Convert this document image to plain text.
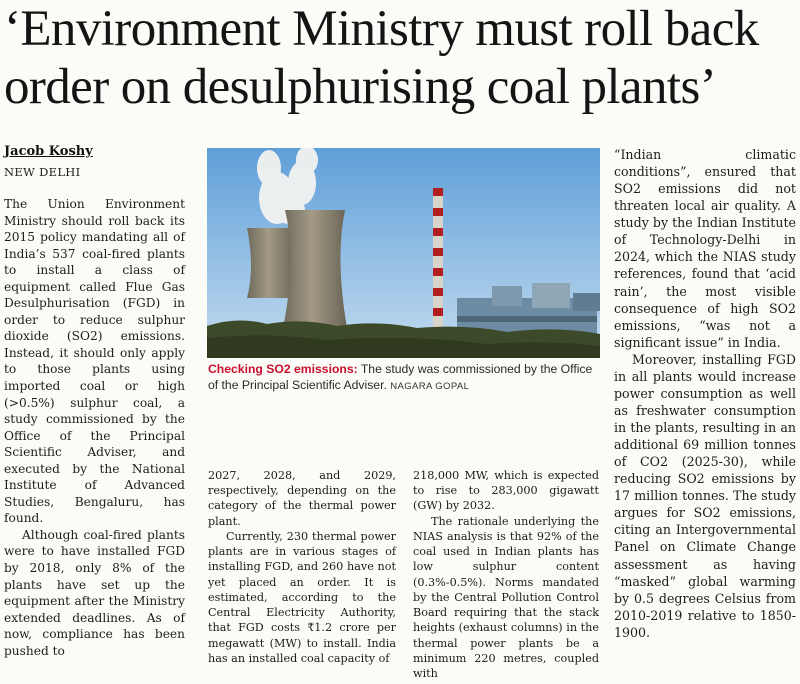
‘Environment Ministry must roll back
order on desulphurising coal plants’
Jacob Koshy
NEW DELHI

The Union Environment Ministry should roll back its 2015 policy mandating all of India’s 537 coal-fired plants to install a class of equipment called Flue Gas Desulphurisation (FGD) in order to reduce sulphur dioxide (SO2) emissions. Instead, it should only apply to those plants using imported coal or high (>0.5%) sulphur coal, a study commissioned by the Office of the Principal Scientific Adviser, and executed by the National Institute of Advanced Studies, Bengaluru, has found.

Although coal-fired plants were to have installed FGD by 2018, only 8% of the plants have set up the equipment after the Ministry extended deadlines. As of now, compliance has been pushed to

Checking SO2 emissions: The study was commissioned by the Office of the Principal Scientific Adviser. NAGARA GOPAL

2027, 2028, and 2029, respectively, depending on the category of the thermal power plant.

Currently, 230 thermal power plants are in various stages of installing FGD, and 260 have not yet placed an order. It is estimated, according to the Central Electricity Authority, that FGD costs ₹1.2 crore per megawatt (MW) to install. India has an installed coal capacity of

218,000 MW, which is expected to rise to 283,000 gigawatt (GW) by 2032.

The rationale underlying the NIAS analysis is that 92% of the coal used in Indian plants has low sulphur content (0.3%-0.5%). Norms mandated by the Central Pollution Control Board requiring that the stack heights (exhaust columns) in the thermal power plants be a minimum 220 metres, coupled with

“Indian climatic conditions”, ensured that SO2 emissions did not threaten local air quality. A study by the Indian Institute of Technology-Delhi in 2024, which the NIAS study references, found that ‘acid rain’, the most visible consequence of high SO2 emissions, “was not a significant issue” in India.

Moreover, installing FGD in all plants would increase power consumption as well as freshwater consumption in the plants, resulting in an additional 69 million tonnes of CO2 (2025-30), while reducing SO2 emissions by 17 million tonnes. The study argues for SO2 emissions, citing an Intergovernmental Panel on Climate Change assessment as having “masked” global warming by 0.5 degrees Celsius from 2010-2019 relative to 1850-1900.
